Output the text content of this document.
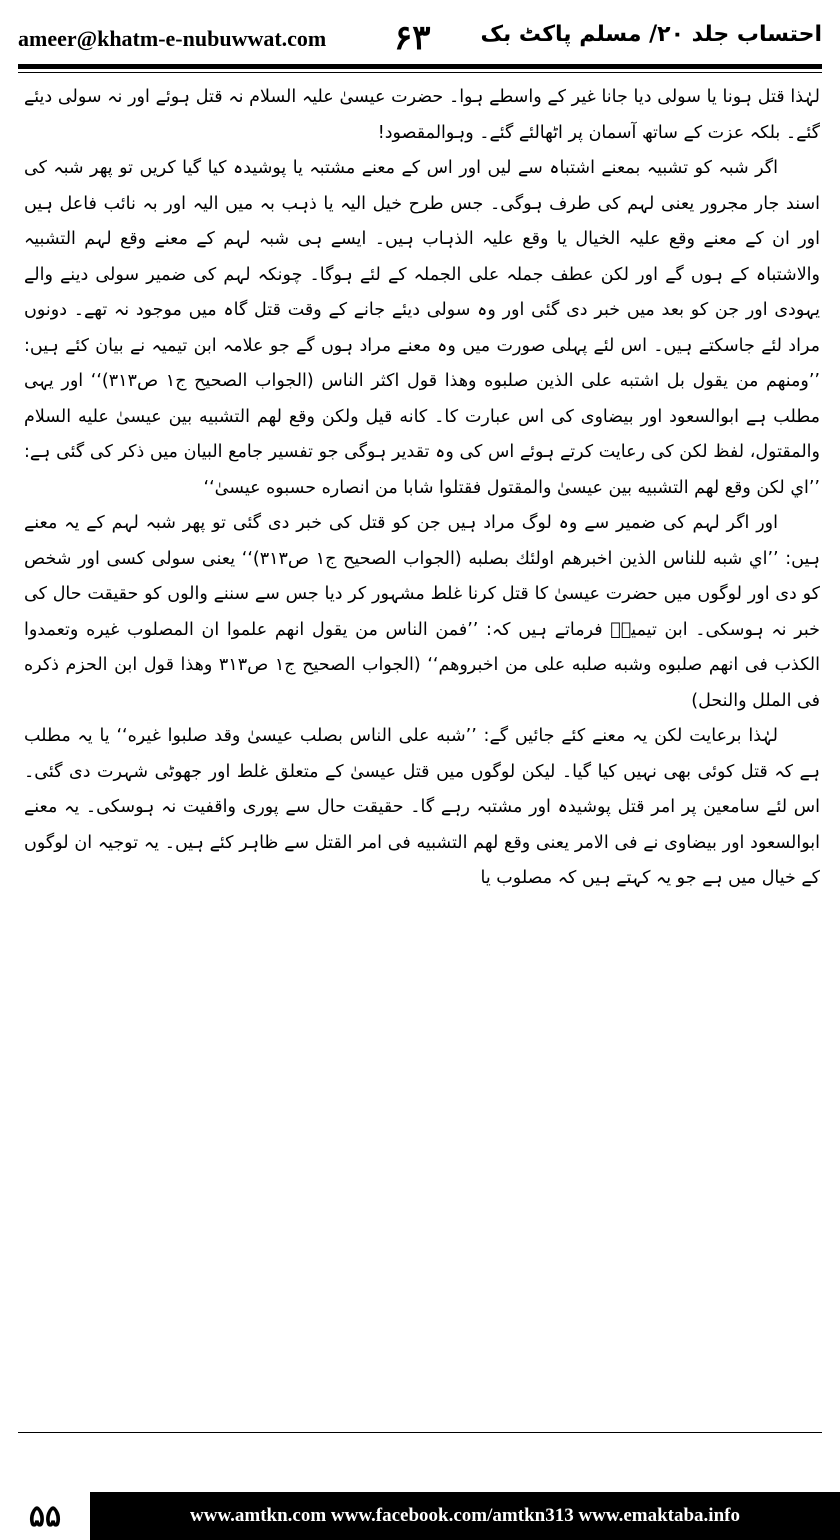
ameer@khatm-e-nubuwwat.com ۶۳ احتساب جلد ۲۰/ مسلم پاکٹ بک

لہٰذا قتل ہونا یا سولی دیا جانا غیر کے واسطے ہوا۔ حضرت عیسیٰ علیہ السلام نہ قتل ہوئے اور نہ سولی دیئے گئے۔ بلکہ عزت کے ساتھ آسمان پر اٹھالئے گئے۔ وہوالمقصود!

اگر شبہ کو تشبیہ بمعنے اشتباہ سے لیں اور اس کے معنے مشتبہ یا پوشیدہ کیا گیا کریں تو پھر شبہ کی اسند جار مجرور یعنی لہم کی طرف ہوگی۔ جس طرح خیل الیہ یا ذہب بہ میں الیہ اور بہ نائب فاعل ہیں اور ان کے معنے وقع علیہ الخیال یا وقع علیہ الذہاب ہیں۔ ایسے ہی شبہ لہم کے معنے وقع لہم التشبیہ والاشتباہ کے ہوں گے اور لکن عطف جملہ علی الجملہ کے لئے ہوگا۔ چونکہ لہم کی ضمیر سولی دینے والے یہودی اور جن کو بعد میں خبر دی گئی اور وہ سولی دیئے جانے کے وقت قتل گاہ میں موجود نہ تھے۔ دونوں مراد لئے جاسکتے ہیں۔ اس لئے پہلی صورت میں وہ معنے مراد ہوں گے جو علامہ ابن تیمیہ نے بیان کئے ہیں: ’’ومنهم من يقول بل اشتبه على الذين صلبوه وهذا قول اكثر الناس (الجواب الصحيح ج۱ ص۳۱۳)‘‘ اور یہی مطلب ہے ابوالسعود اور بیضاوی کی اس عبارت کا۔ كانه قيل ولكن وقع لهم التشبيه بين عيسىٰ عليه السلام والمقتول، لفظ لکن کی رعایت کرتے ہوئے اس کی وہ تقدیر ہوگی جو تفسیر جامع البیان میں ذکر کی گئی ہے: ’’اي لكن وقع لهم التشبيه بين عيسىٰ والمقتول فقتلوا شابا من انصاره حسبوه عيسىٰ‘‘

اور اگر لہم کی ضمیر سے وہ لوگ مراد ہیں جن کو قتل کی خبر دی گئی تو پھر شبہ لہم کے یہ معنے ہیں: ’’اي شبه للناس الذين اخبرهم اولئك بصلبه (الجواب الصحيح ج۱ ص۳۱۳)‘‘ یعنی سولی کسی اور شخص کو دی اور لوگوں میں حضرت عیسیٰ کا قتل کرنا غلط مشہور کر دیا جس سے سننے والوں کو حقیقت حال کی خبر نہ ہوسکی۔ ابن تیمیہؒ فرماتے ہیں کہ: ’’فمن الناس من يقول انهم علموا ان المصلوب غيره وتعمدوا الكذب فى انهم صلبوه وشبه صلبه على من اخبروهم‘‘ (الجواب الصحيح ج۱ ص۳۱۳ وهذا قول ابن الحزم ذكره فى الملل والنحل)

لہٰذا برعایت لکن یہ معنے کئے جائیں گے: ’’شبه على الناس بصلب عيسىٰ وقد صلبوا غيره‘‘ یا یہ مطلب ہے کہ قتل کوئی بھی نہیں کیا گیا۔ لیکن لوگوں میں قتل عیسیٰ کے متعلق غلط اور جھوٹی شہرت دی گئی۔ اس لئے سامعین پر امر قتل پوشیدہ اور مشتبہ رہے گا۔ حقیقت حال سے پوری واقفیت نہ ہوسکی۔ یہ معنے ابوالسعود اور بیضاوی نے فی الامر یعنی وقع لهم التشبيه فى امر القتل سے ظاہر کئے ہیں۔ یہ توجیہ ان لوگوں کے خیال میں ہے جو یہ کہتے ہیں کہ مصلوب یا

۵۵	www.amtkn.com www.facebook.com/amtkn313 www.emaktaba.info
